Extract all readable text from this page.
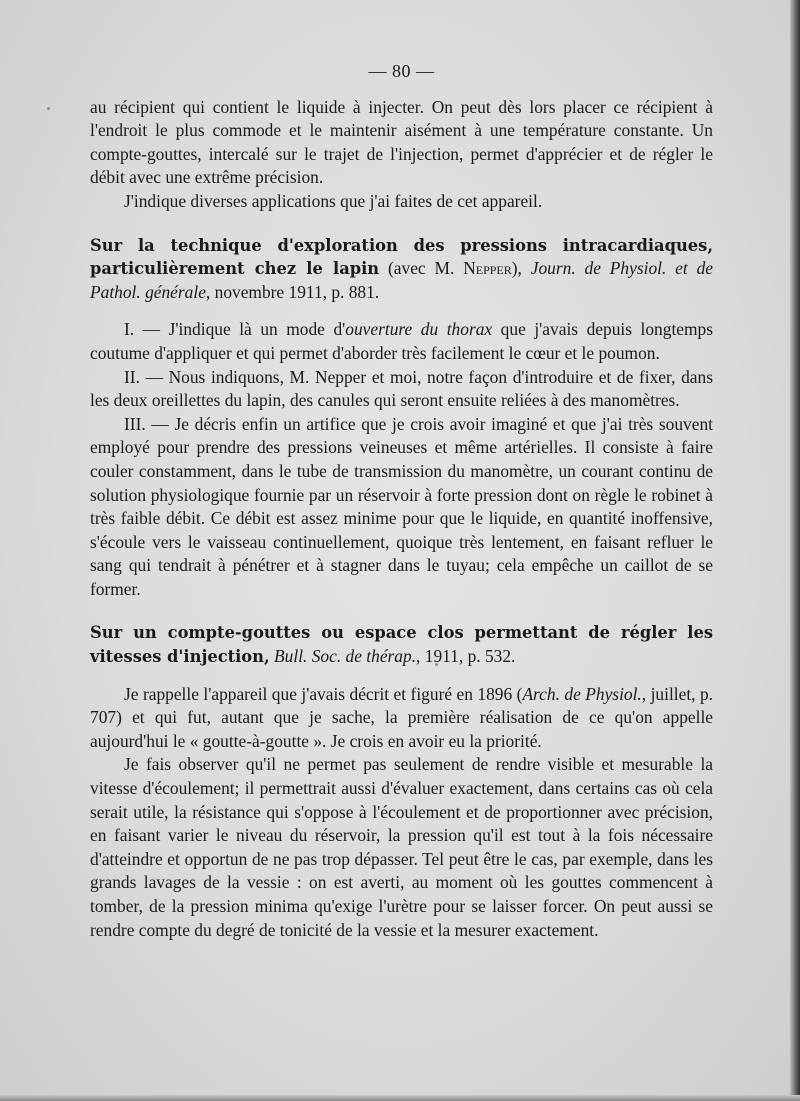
— 80 —

au récipient qui contient le liquide à injecter. On peut dès lors placer ce récipient à l'endroit le plus commode et le maintenir aisément à une température constante. Un compte-gouttes, intercalé sur le trajet de l'injection, permet d'apprécier et de régler le débit avec une extrême précision.

J'indique diverses applications que j'ai faites de cet appareil.

Sur la technique d'exploration des pressions intracardiaques, particulièrement chez le lapin (avec M. Nepper), Journ. de Physiol. et de Pathol. générale, novembre 1911, p. 881.

I. — J'indique là un mode d'ouverture du thorax que j'avais depuis longtemps coutume d'appliquer et qui permet d'aborder très facilement le cœur et le poumon.

II. — Nous indiquons, M. Nepper et moi, notre façon d'introduire et de fixer, dans les deux oreillettes du lapin, des canules qui seront ensuite reliées à des manomètres.

III. — Je décris enfin un artifice que je crois avoir imaginé et que j'ai très souvent employé pour prendre des pressions veineuses et même artérielles. Il consiste à faire couler constamment, dans le tube de transmission du manomètre, un courant continu de solution physiologique fournie par un réservoir à forte pression dont on règle le robinet à très faible débit. Ce débit est assez minime pour que le liquide, en quantité inoffensive, s'écoule vers le vaisseau continuellement, quoique très lentement, en faisant refluer le sang qui tendrait à pénétrer et à stagner dans le tuyau; cela empêche un caillot de se former.

Sur un compte-gouttes ou espace clos permettant de régler les vitesses d'injection, Bull. Soc. de thérap., 1911, p. 532.

Je rappelle l'appareil que j'avais décrit et figuré en 1896 (Arch. de Physiol., juillet, p. 707) et qui fut, autant que je sache, la première réalisation de ce qu'on appelle aujourd'hui le « goutte-à-goutte ». Je crois en avoir eu la priorité.

Je fais observer qu'il ne permet pas seulement de rendre visible et mesurable la vitesse d'écoulement; il permettrait aussi d'évaluer exactement, dans certains cas où cela serait utile, la résistance qui s'oppose à l'écoulement et de proportionner avec précision, en faisant varier le niveau du réservoir, la pression qu'il est tout à la fois nécessaire d'atteindre et opportun de ne pas trop dépasser. Tel peut être le cas, par exemple, dans les grands lavages de la vessie : on est averti, au moment où les gouttes commencent à tomber, de la pression minima qu'exige l'urètre pour se laisser forcer. On peut aussi se rendre compte du degré de tonicité de la vessie et la mesurer exactement.
